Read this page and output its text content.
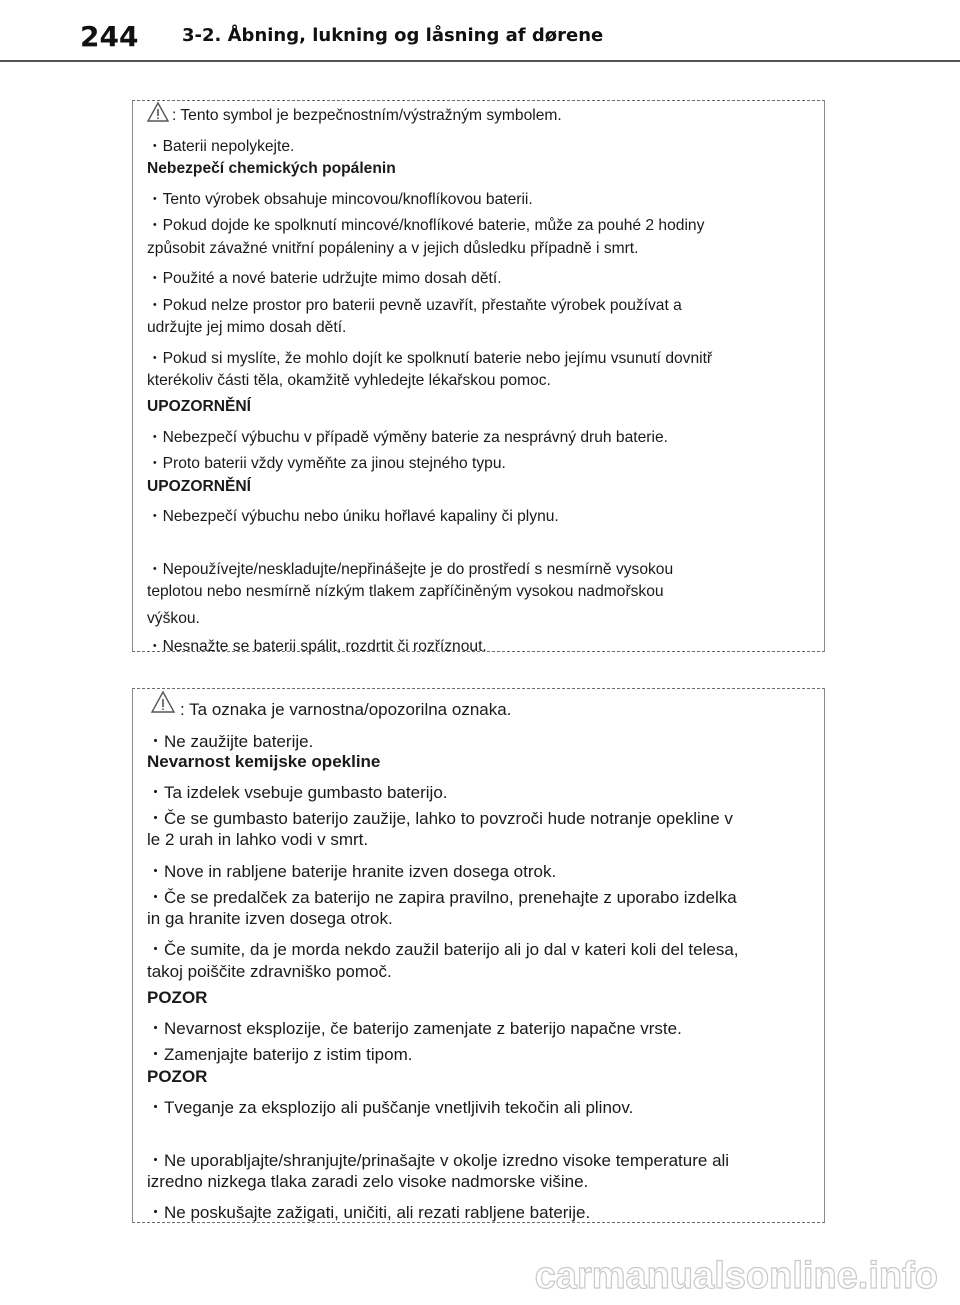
244 3-2. Åbning, lukning og låsning af dørene
: Tento symbol je bezpečnostním/výstražným symbolem.
・Baterii nepolykejte.
Nebezpečí chemických popálenin
・Tento výrobek obsahuje mincovou/knoflíkovou baterii.
・Pokud dojde ke spolknutí mincové/knoflíkové baterie, může za pouhé 2 hodiny
způsobit závažné vnitřní popáleniny a v jejich důsledku případně i smrt.
・Použité a nové baterie udržujte mimo dosah dětí.
・Pokud nelze prostor pro baterii pevně uzavřít, přestaňte výrobek používat a
udržujte jej mimo dosah dětí.
・Pokud si myslíte, že mohlo dojít ke spolknutí baterie nebo jejímu vsunutí dovnitř
kterékoliv části těla, okamžitě vyhledejte lékařskou pomoc.
UPOZORNĚNÍ
・Nebezpečí výbuchu v případě výměny baterie za nesprávný druh baterie.
・Proto baterii vždy vyměňte za jinou stejného typu.
UPOZORNĚNÍ
・Nebezpečí výbuchu nebo úniku hořlavé kapaliny či plynu.
・Nepoužívejte/neskladujte/nepřinášejte je do prostředí s nesmírně vysokou
teplotou nebo nesmírně nízkým tlakem zapříčiněným vysokou nadmořskou
výškou.
・Nesnažte se baterii spálit, rozdrtit či rozříznout.
: Ta oznaka je varnostna/opozorilna oznaka.
・Ne zaužijte baterije.
Nevarnost kemijske opekline
・Ta izdelek vsebuje gumbasto baterijo.
・Če se gumbasto baterijo zaužije, lahko to povzroči hude notranje opekline v
le 2 urah in lahko vodi v smrt.
・Nove in rabljene baterije hranite izven dosega otrok.
・Če se predalček za baterijo ne zapira pravilno, prenehajte z uporabo izdelka
in ga hranite izven dosega otrok.
・Če sumite, da je morda nekdo zaužil baterijo ali jo dal v kateri koli del telesa,
takoj poiščite zdravniško pomoč.
POZOR
・Nevarnost eksplozije, če baterijo zamenjate z baterijo napačne vrste.
・Zamenjajte baterijo z istim tipom.
POZOR
・Tveganje za eksplozijo ali puščanje vnetljivih tekočin ali plinov.
・Ne uporabljajte/shranjujte/prinašajte v okolje izredno visoke temperature ali
izredno nizkega tlaka zaradi zelo visoke nadmorske višine.
・Ne poskušajte zažigati, uničiti, ali rezati rabljene baterije.
carmanualsonline.info
